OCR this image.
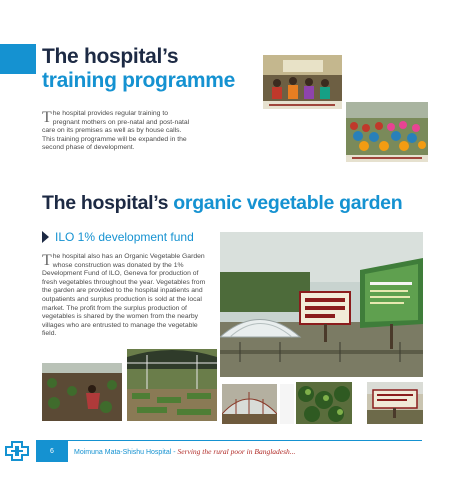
The hospital’s
training programme

The hospital provides regular training to pregnant mothers on pre-natal and post-natal care on its premises as well as by house calls. This training programme will be expanded in the second phase of development.

The hospital’s organic vegetable garden
ILO 1% development fund

The hospital also has an Organic Vegetable Garden whose construction was donated by the 1% Development Fund of ILO, Geneva for production of fresh vegetables throughout the year. Vegetables from the garden are provided to the hospital inpatients and outpatients and surplus production is sold at the local market. The profit from the surplus production of vegetables is shared by the women from the nearby villages who are entrusted to manage the vegetable field.

6	Moimuna Mata-Shishu Hospital - Serving the rural poor in Bangladesh...
